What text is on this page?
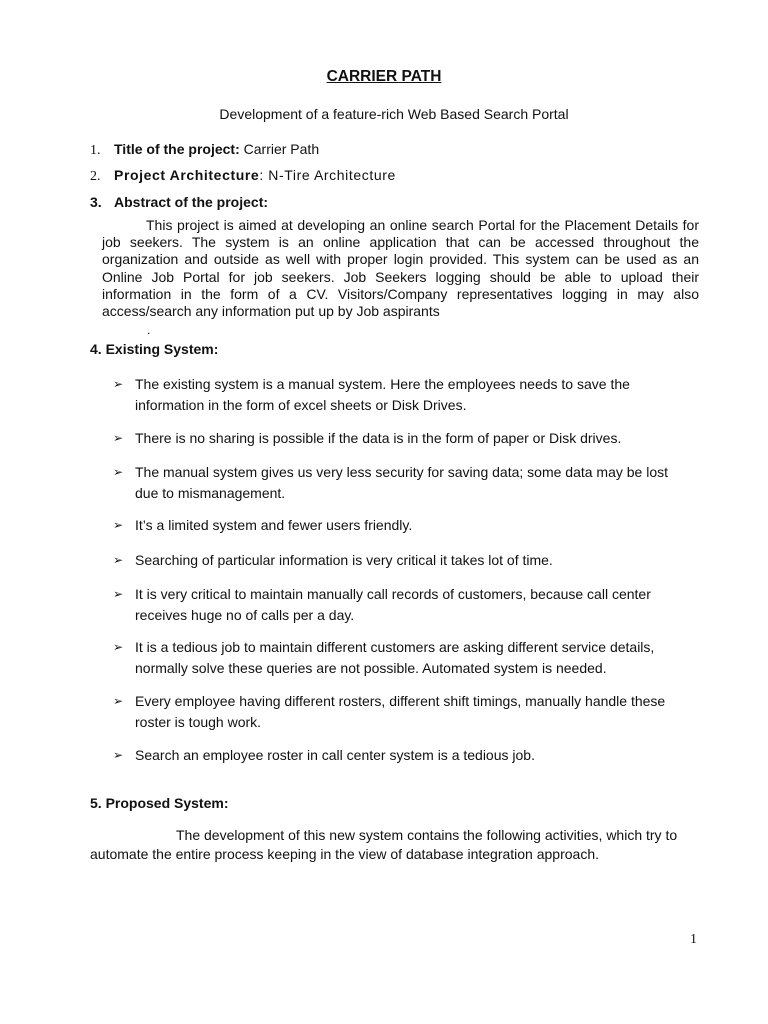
CARRIER PATH
Development of a feature-rich Web Based Search Portal
1. Title of the project: Carrier Path
2. Project Architecture: N-Tire Architecture
3. Abstract of the project:

This project is aimed at developing an online search Portal for the Placement Details for job seekers. The system is an online application that can be accessed throughout the organization and outside as well with proper login provided. This system can be used as an Online Job Portal for job seekers. Job Seekers logging should be able to upload their information in the form of a CV. Visitors/Company representatives logging in may also access/search any information put up by Job aspirants

.
4. Existing System:
➢ The existing system is a manual system. Here the employees needs to save the information in the form of excel sheets or Disk Drives.
➢ There is no sharing is possible if the data is in the form of paper or Disk drives.
➢ The manual system gives us very less security for saving data; some data may be lost due to mismanagement.
➢ It’s a limited system and fewer users friendly.
➢ Searching of particular information is very critical it takes lot of time.
➢ It is very critical to maintain manually call records of customers, because call center receives huge no of calls per a day.
➢ It is a tedious job to maintain different customers are asking different service details, normally solve these queries are not possible. Automated system is needed.
➢ Every employee having different rosters, different shift timings, manually handle these roster is tough work.
➢ Search an employee roster in call center system is a tedious job.
5. Proposed System:

The development of this new system contains the following activities, which try to automate the entire process keeping in the view of database integration approach.

1
